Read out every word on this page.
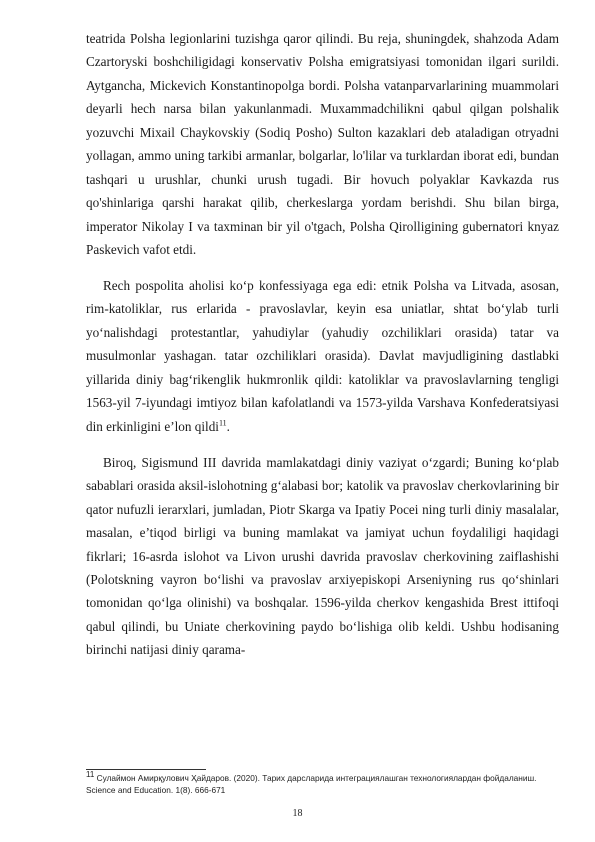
teatrida Polsha legionlarini tuzishga qaror qilindi. Bu reja, shuningdek, shahzoda Adam Czartoryski boshchiligidagi konservativ Polsha emigratsiyasi tomonidan ilgari surildi. Aytgancha, Mickevich Konstantinopolga bordi. Polsha vatanparvarlarining muammolari deyarli hech narsa bilan yakunlanmadi. Muxammadchilikni qabul qilgan polshalik yozuvchi Mixail Chaykovskiy (Sodiq Posho) Sulton kazaklari deb ataladigan otryadni yollagan, ammo uning tarkibi armanlar, bolgarlar, lo'lilar va turklardan iborat edi, bundan tashqari u urushlar, chunki urush tugadi. Bir hovuch polyaklar Kavkazda rus qo'shinlariga qarshi harakat qilib, cherkeslarga yordam berishdi. Shu bilan birga, imperator Nikolay I va taxminan bir yil o'tgach, Polsha Qirolligining gubernatori knyaz Paskevich vafot etdi.

Rech pospolita aholisi ko‘p konfessiyaga ega edi: etnik Polsha va Litvada, asosan, rim-katoliklar, rus erlarida - pravoslavlar, keyin esa uniatlar, shtat bo‘ylab turli yo‘nalishdagi protestantlar, yahudiylar (yahudiy ozchiliklari orasida) tatar va musulmonlar yashagan. tatar ozchiliklari orasida). Davlat mavjudligining dastlabki yillarida diniy bag‘rikenglik hukmronlik qildi: katoliklar va pravoslavlarning tengligi 1563-yil 7-iyundagi imtiyoz bilan kafolatlandi va 1573-yilda Varshava Konfederatsiyasi din erkinligini e’lon qildi$^{11}$.

Biroq, Sigismund III davrida mamlakatdagi diniy vaziyat o‘zgardi; Buning ko‘plab sabablari orasida aksil-islohotning g‘alabasi bor; katolik va pravoslav cherkovlarining bir qator nufuzli ierarxlari, jumladan, Piotr Skarga va Ipatiy Pocei ning turli diniy masalalar, masalan, e’tiqod birligi va buning mamlakat va jamiyat uchun foydaliligi haqidagi fikrlari; 16-asrda islohot va Livon urushi davrida pravoslav cherkovining zaiflashishi (Polotskning vayron bo‘lishi va pravoslav arxiyepiskopi Arseniyning rus qo‘shinlari tomonidan qo‘lga olinishi) va boshqalar. 1596-yilda cherkov kengashida Brest ittifoqi qabul qilindi, bu Uniate cherkovining paydo bo‘lishiga olib keldi. Ushbu hodisaning birinchi natijasi diniy qarama-

$^{11}$ Сулаймон Амирқулович Ҳайдаров. (2020). Тарих дарсларида интеграциялашган технологиялардан фойдаланиш. Science and Education. 1(8). 666-671
18
